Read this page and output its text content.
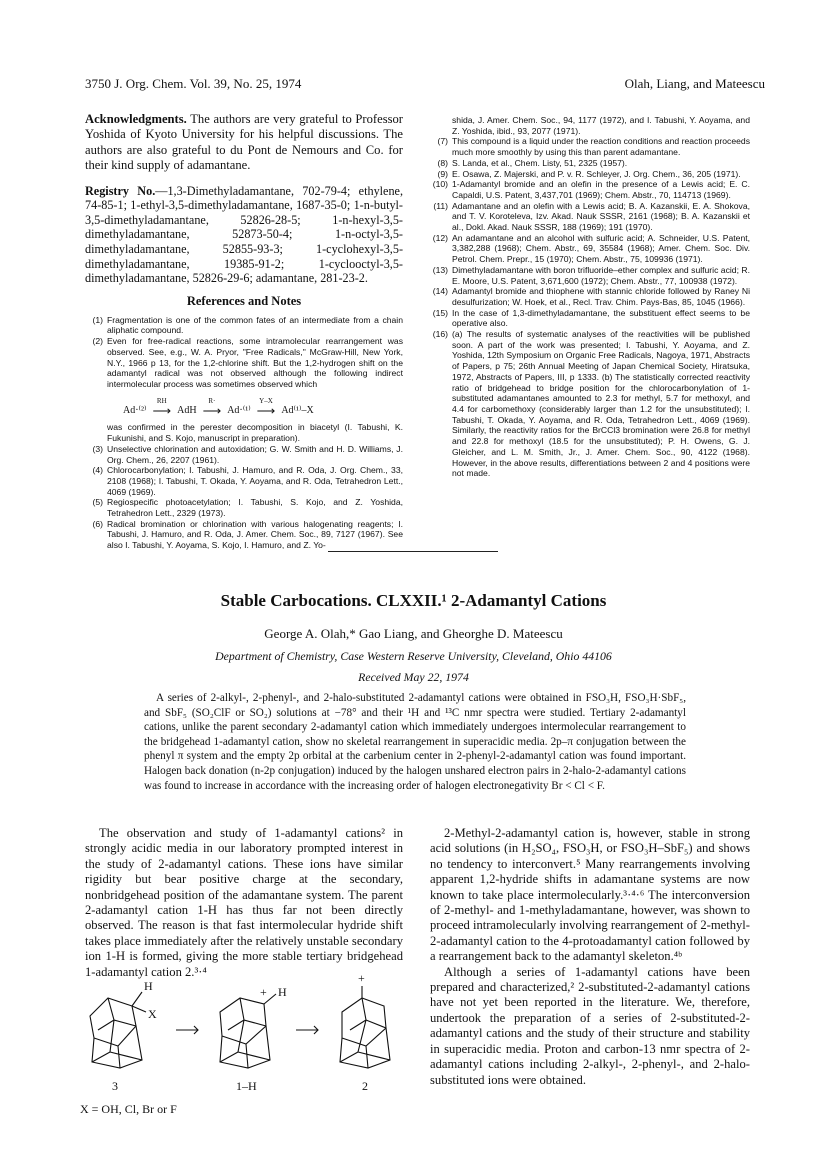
3750 J. Org. Chem. Vol. 39, No. 25, 1974	Olah, Liang, and Mateescu
Acknowledgments. The authors are very grateful to Professor Yoshida of Kyoto University for his helpful discussions. The authors are also grateful to du Pont de Nemours and Co. for their kind supply of adamantane.
Registry No.—1,3-Dimethyladamantane, 702-79-4; ethylene, 74-85-1; 1-ethyl-3,5-dimethyladamantane, 1687-35-0; 1-n-butyl-3,5-dimethyladamantane, 52826-28-5; 1-n-hexyl-3,5-dimethyladamantane, 52873-50-4; 1-n-octyl-3,5-dimethyladamantane, 52855-93-3; 1-cyclohexyl-3,5-dimethyladamantane, 19385-91-2; 1-cyclooctyl-3,5-dimethyladamantane, 52826-29-6; adamantane, 281-23-2.
References and Notes
(1) Fragmentation is one of the common fates of an intermediate from a chain aliphatic compound.
(2) Even for free-radical reactions, some intramolecular rearrangement was observed. See, e.g., W. A. Pryor, "Free Radicals," McGraw-Hill, New York, N.Y., 1966 p 13, for the 1,2-chlorine shift. But the 1,2-hydrogen shift on the adamantyl radical was not observed although the following indirect intermolecular process was sometimes observed which
Ad·⁽²⁾
RH
⟶ AdH
R·
⟶ Ad·⁽¹⁾
Y–X
⟶ Ad⁽¹⁾–X
was confirmed in the perester decomposition in biacetyl (I. Tabushi, K. Fukunishi, and S. Kojo, manuscript in preparation).
(3) Unselective chlorination and autoxidation; G. W. Smith and H. D. Williams, J. Org. Chem., 26, 2207 (1961).
(4) Chlorocarbonylation; I. Tabushi, J. Hamuro, and R. Oda, J. Org. Chem., 33, 2108 (1968); I. Tabushi, T. Okada, Y. Aoyama, and R. Oda, Tetrahedron Lett., 4069 (1969).
(5) Regiospecific photoacetylation; I. Tabushi, S. Kojo, and Z. Yoshida, Tetrahedron Lett., 2329 (1973).
(6) Radical bromination or chlorination with various halogenating reagents; I. Tabushi, J. Hamuro, and R. Oda, J. Amer. Chem. Soc., 89, 7127 (1967). See also I. Tabushi, Y. Aoyama, S. Kojo, I. Hamuro, and Z. Yo-
shida, J. Amer. Chem. Soc., 94, 1177 (1972), and I. Tabushi, Y. Aoyama, and Z. Yoshida, ibid., 93, 2077 (1971).
(7) This compound is a liquid under the reaction conditions and reaction proceeds much more smoothly by using this than parent adamantane.
(8) S. Landa, et al., Chem. Listy, 51, 2325 (1957).
(9) E. Osawa, Z. Majerski, and P. v. R. Schleyer, J. Org. Chem., 36, 205 (1971).
(10) 1-Adamantyl bromide and an olefin in the presence of a Lewis acid; E. C. Capaldi, U.S. Patent, 3,437,701 (1969); Chem. Abstr., 70, 114713 (1969).
(11) Adamantane and an olefin with a Lewis acid; B. A. Kazanskii, E. A. Shokova, and T. V. Koroteleva, Izv. Akad. Nauk SSSR, 2161 (1968); B. A. Kazanskii et al., Dokl. Akad. Nauk SSSR, 188 (1969); 191 (1970).
(12) An adamantane and an alcohol with sulfuric acid; A. Schneider, U.S. Patent, 3,382,288 (1968); Chem. Abstr., 69, 35584 (1968); Amer. Chem. Soc. Div. Petrol. Chem. Prepr., 15 (1970); Chem. Abstr., 75, 109936 (1971).
(13) Dimethyladamantane with boron trifluoride–ether complex and sulfuric acid; R. E. Moore, U.S. Patent, 3,671,600 (1972); Chem. Abstr., 77, 100938 (1972).
(14) Adamantyl bromide and thiophene with stannic chloride followed by Raney Ni desulfurization; W. Hoek, et al., Recl. Trav. Chim. Pays-Bas, 85, 1045 (1966).
(15) In the case of 1,3-dimethyladamantane, the substituent effect seems to be operative also.
(16) (a) The results of systematic analyses of the reactivities will be published soon. A part of the work was presented; I. Tabushi, Y. Aoyama, and Z. Yoshida, 12th Symposium on Organic Free Radicals, Nagoya, 1971, Abstracts of Papers, p 75; 26th Annual Meeting of Japan Chemical Society, Hiratsuka, 1972, Abstracts of Papers, III, p 1333. (b) The statistically corrected reactivity ratio of bridgehead to bridge position for the chlorocarbonylation of 1-substituted adamantanes amounted to 2.3 for methyl, 5.7 for methoxyl, and 4.4 for carbomethoxy (considerably larger than 1.2 for the unsubstituted); I. Tabushi, T. Okada, Y. Aoyama, and R. Oda, Tetrahedron Lett., 4069 (1969). Similarly, the reactivity ratios for the BrCCl3 bromination were 26.8 for methyl and 22.8 for methoxyl (18.5 for the unsubstituted); P. H. Owens, G. J. Gleicher, and L. M. Smith, Jr., J. Amer. Chem. Soc., 90, 4122 (1968). However, in the above results, differentiations between 2 and 4 positions were not made.
Stable Carbocations. CLXXII.¹ 2-Adamantyl Cations
George A. Olah,* Gao Liang, and Gheorghe D. Mateescu
Department of Chemistry, Case Western Reserve University, Cleveland, Ohio 44106
Received May 22, 1974
A series of 2-alkyl-, 2-phenyl-, and 2-halo-substituted 2-adamantyl cations were obtained in FSO₃H, FSO₃H·SbF₅, and SbF₅ (SO₂ClF or SO₂) solutions at −78° and their ¹H and ¹³C nmr spectra were studied. Tertiary 2-adamantyl cations, unlike the parent secondary 2-adamantyl cation which immediately undergoes intermolecular rearrangement to the bridgehead 1-adamantyl cation, show no skeletal rearrangement in superacidic media. 2p–π conjugation between the phenyl π system and the empty 2p orbital at the carbenium center in 2-phenyl-2-adamantyl cation was found important. Halogen back donation (n-2p conjugation) induced by the halogen unshared electron pairs in 2-halo-2-adamantyl cations was found to increase in accordance with the increasing order of halogen electronegativity Br < Cl < F.

The observation and study of 1-adamantyl cations² in strongly acidic media in our laboratory prompted interest in the study of 2-adamantyl cations. These ions have similar rigidity but bear positive charge at the secondary, nonbridgehead position of the adamantane system. The parent 2-adamantyl cation 1-H has thus far not been directly observed. The reason is that fast intermolecular hydride shift takes place immediately after the relatively unstable secondary ion 1-H is formed, giving the more stable tertiary bridgehead 1-adamantyl cation 2.³·⁴

2-Methyl-2-adamantyl cation is, however, stable in strong acid solutions (in H₂SO₄, FSO₃H, or FSO₃H–SbF₅) and shows no tendency to interconvert.⁵ Many rearrangements involving apparent 1,2-hydride shifts in adamantane systems are now known to take place intermolecularly.³·⁴·⁶ The interconversion of 2-methyl- and 1-methyladamantane, however, was shown to proceed intramolecularly involving rearrangement of 2-methyl-2-adamantyl cation to the 4-protoadamantyl cation followed by a rearrangement back to the adamantyl skeleton.⁴ᵇ

Although a series of 1-adamantyl cations have been prepared and characterized,² 2-substituted-2-adamantyl cations have not yet been reported in the literature. We, therefore, undertook the preparation of a series of 2-substituted-2-adamantyl cations and the study of their structure and stability in superacidic media. Proton and carbon-13 nmr spectra of 2-adamantyl cations including 2-alkyl-, 2-phenyl-, and 2-halo-substituted ions were obtained.

H
X
+ H
+
3	1–H	2
X = OH, Cl, Br or F
